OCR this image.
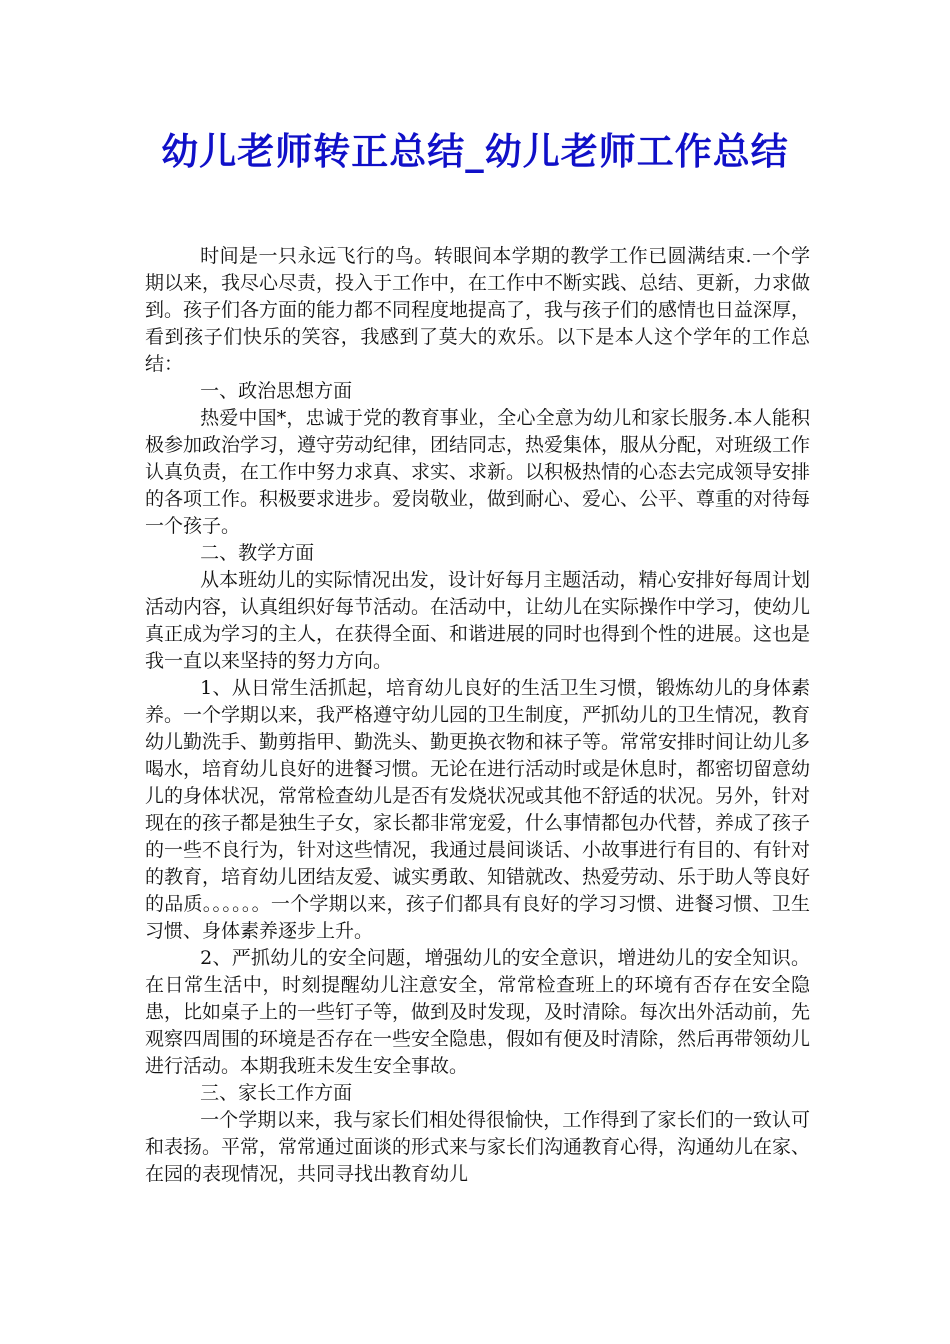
幼儿老师转正总结_幼儿老师工作总结

时间是一只永远飞行的鸟。转眼间本学期的教学工作已圆满结束.一个学期以来，我尽心尽责，投入于工作中，在工作中不断实践、总结、更新，力求做到。孩子们各方面的能力都不同程度地提高了，我与孩子们的感情也日益深厚，看到孩子们快乐的笑容，我感到了莫大的欢乐。以下是本人这个学年的工作总结：

一、政治思想方面

热爱中国*，忠诚于党的教育事业，全心全意为幼儿和家长服务.本人能积极参加政治学习，遵守劳动纪律，团结同志，热爱集体，服从分配，对班级工作认真负责，在工作中努力求真、求实、求新。以积极热情的心态去完成领导安排的各项工作。积极要求进步。爱岗敬业，做到耐心、爱心、公平、尊重的对待每一个孩子。

二、教学方面

从本班幼儿的实际情况出发，设计好每月主题活动，精心安排好每周计划活动内容，认真组织好每节活动。在活动中，让幼儿在实际操作中学习，使幼儿真正成为学习的主人，在获得全面、和谐进展的同时也得到个性的进展。这也是我一直以来坚持的努力方向。

1、从日常生活抓起，培育幼儿良好的生活卫生习惯，锻炼幼儿的身体素养。一个学期以来，我严格遵守幼儿园的卫生制度，严抓幼儿的卫生情况，教育幼儿勤洗手、勤剪指甲、勤洗头、勤更换衣物和袜子等。常常安排时间让幼儿多喝水，培育幼儿良好的进餐习惯。无论在进行活动时或是休息时，都密切留意幼儿的身体状况，常常检查幼儿是否有发烧状况或其他不舒适的状况。另外，针对现在的孩子都是独生子女，家长都非常宠爱，什么事情都包办代替，养成了孩子的一些不良行为，针对这些情况，我通过晨间谈话、小故事进行有目的、有针对的教育，培育幼儿团结友爱、诚实勇敢、知错就改、热爱劳动、乐于助人等良好的品质。。。。。。一个学期以来，孩子们都具有良好的学习习惯、进餐习惯、卫生习惯、身体素养逐步上升。

2、严抓幼儿的安全问题，增强幼儿的安全意识，增进幼儿的安全知识。在日常生活中，时刻提醒幼儿注意安全，常常检查班上的环境有否存在安全隐患，比如桌子上的一些钉子等，做到及时发现，及时清除。每次出外活动前，先观察四周围的环境是否存在一些安全隐患，假如有便及时清除，然后再带领幼儿进行活动。本期我班未发生安全事故。

三、家长工作方面

一个学期以来，我与家长们相处得很愉快，工作得到了家长们的一致认可和表扬。平常，常常通过面谈的形式来与家长们沟通教育心得，沟通幼儿在家、在园的表现情况，共同寻找出教育幼儿
